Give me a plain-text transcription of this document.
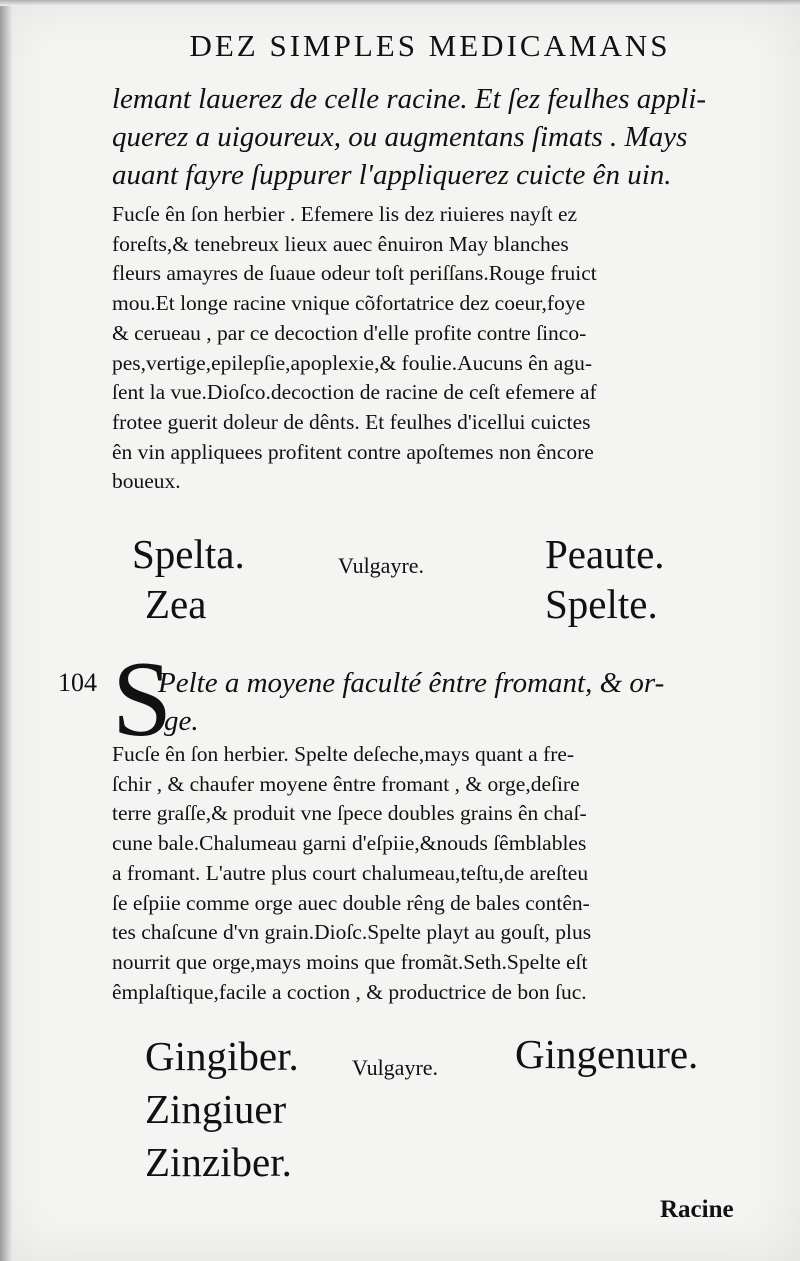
DEZ SIMPLES MEDICAMANS
lemant lauerez de celle racine. Et ſez feulhes appli-
querez a uigoureux, ou augmentans ſimats . Mays
auant fayre ſuppurer l'appliquerez cuicte ên uin.
Fucſe ên ſon herbier . Efemere lis dez riuieres nayſt ez
foreſts,& tenebreux lieux auec ênuiron May blanches
fleurs amayres de ſuaue odeur toſt periſſans.Rouge fruict
mou.Et longe racine vnique cõfortatrice dez coeur,foye
& cerueau , par ce decoction d'elle profite contre ſinco-
pes,vertige,epilepſie,apoplexie,& foulie.Aucuns ên agu-
ſent la vue.Dioſco.decoction de racine de ceſt efemere af
frotee guerit doleur de dênts. Et feulhes d'icellui cuictes
ên vin appliquees profitent contre apoſtemes non êncore
boueux.
Spelta.
Zea
Vulgayre.	Peaute.
Spelte.
104 S
Pelte a moyene faculté êntre fromant, & or-
ge.
Fucſe ên ſon herbier. Spelte deſeche,mays quant a fre-
ſchir , & chaufer moyene êntre fromant , & orge,deſire
terre graſſe,& produit vne ſpece doubles grains ên chaſ-
cune bale.Chalumeau garni d'eſpiie,&nouds ſêmblables
a fromant. L'autre plus court chalumeau,teſtu,de areſteu
ſe eſpiie comme orge auec double rêng de bales contên-
tes chaſcune d'vn grain.Dioſc.Spelte playt au gouſt, plus
nourrit que orge,mays moins que fromãt.Seth.Spelte eſt
êmplaſtique,facile a coction , & productrice de bon ſuc.
Gingiber.
Zingiuer
Zinziber.
Vulgayre. Gingenure.
Racine
